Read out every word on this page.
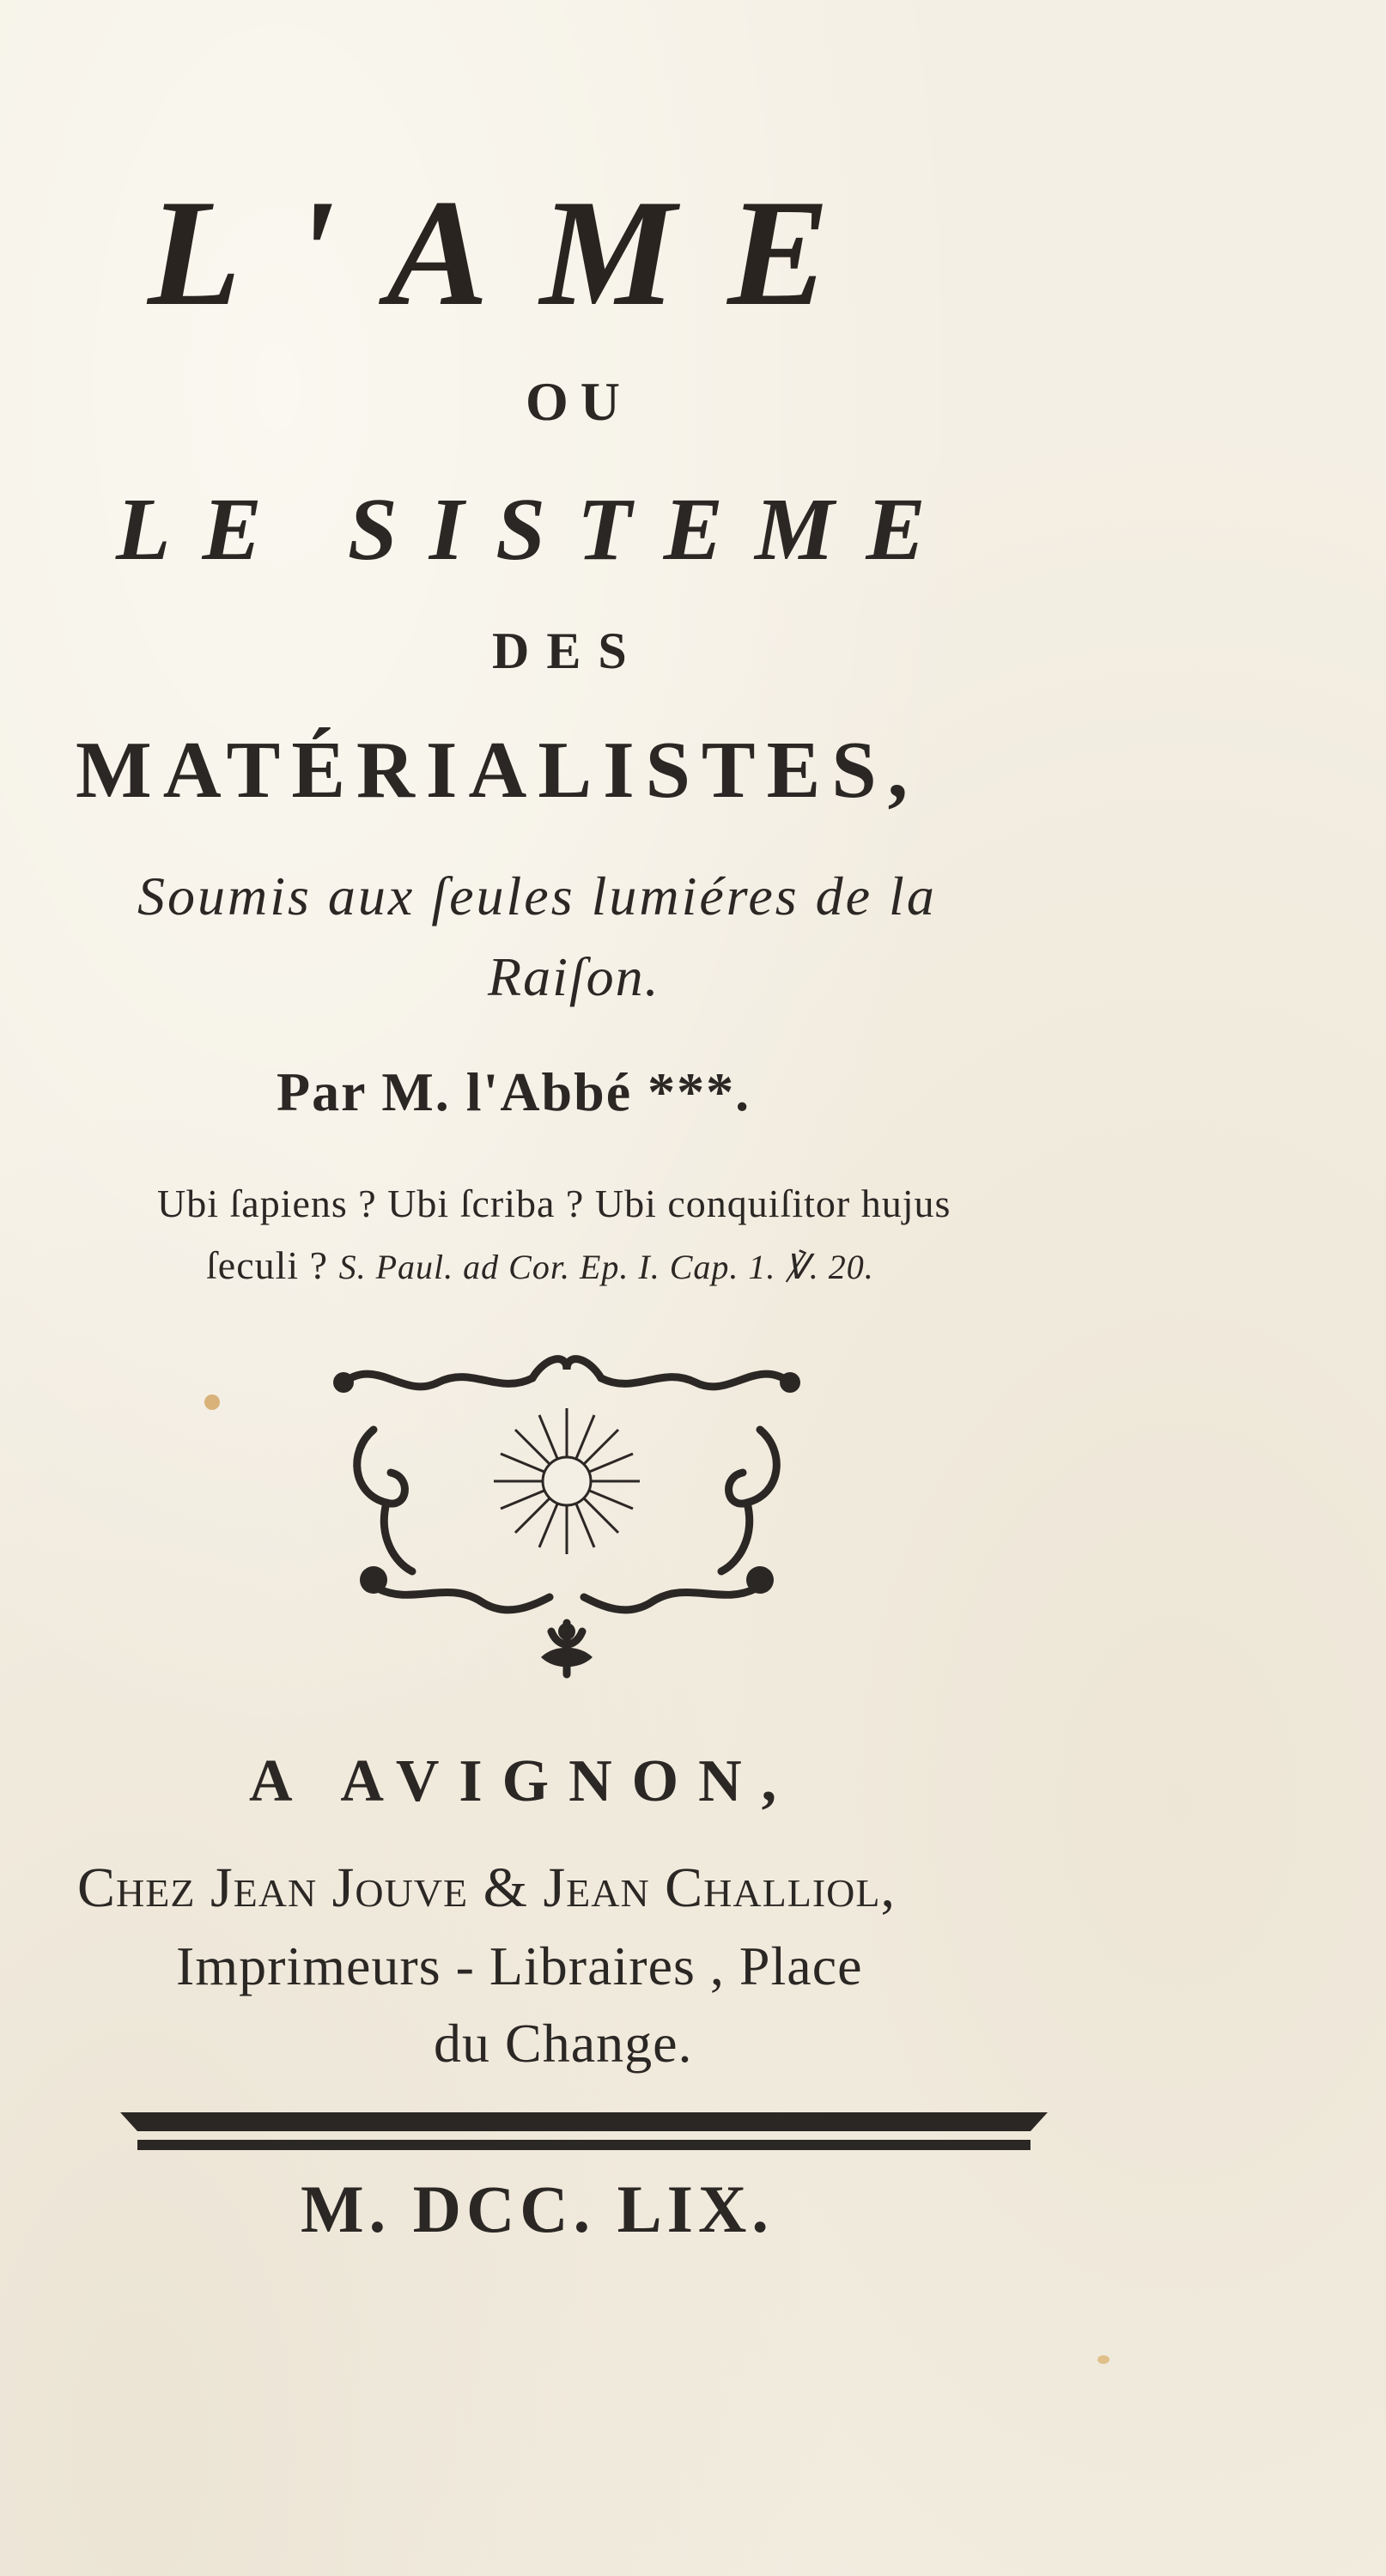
L'AME
OU
LE SISTEME
DES
MATÉRIALISTES,
Soumis aux ſeules lumiéres de la
Raiſon.
Par M. l'Abbé ***.
Ubi ſapiens ? Ubi ſcriba ? Ubi conquiſitor hujus
ſeculi ? S. Paul. ad Cor. Ep. I. Cap. 1. ℣. 20.
A AVIGNON,
Chez Jean Jouve & Jean Challiol,
Imprimeurs - Libraires , Place
du Change.
M. DCC. LIX.
